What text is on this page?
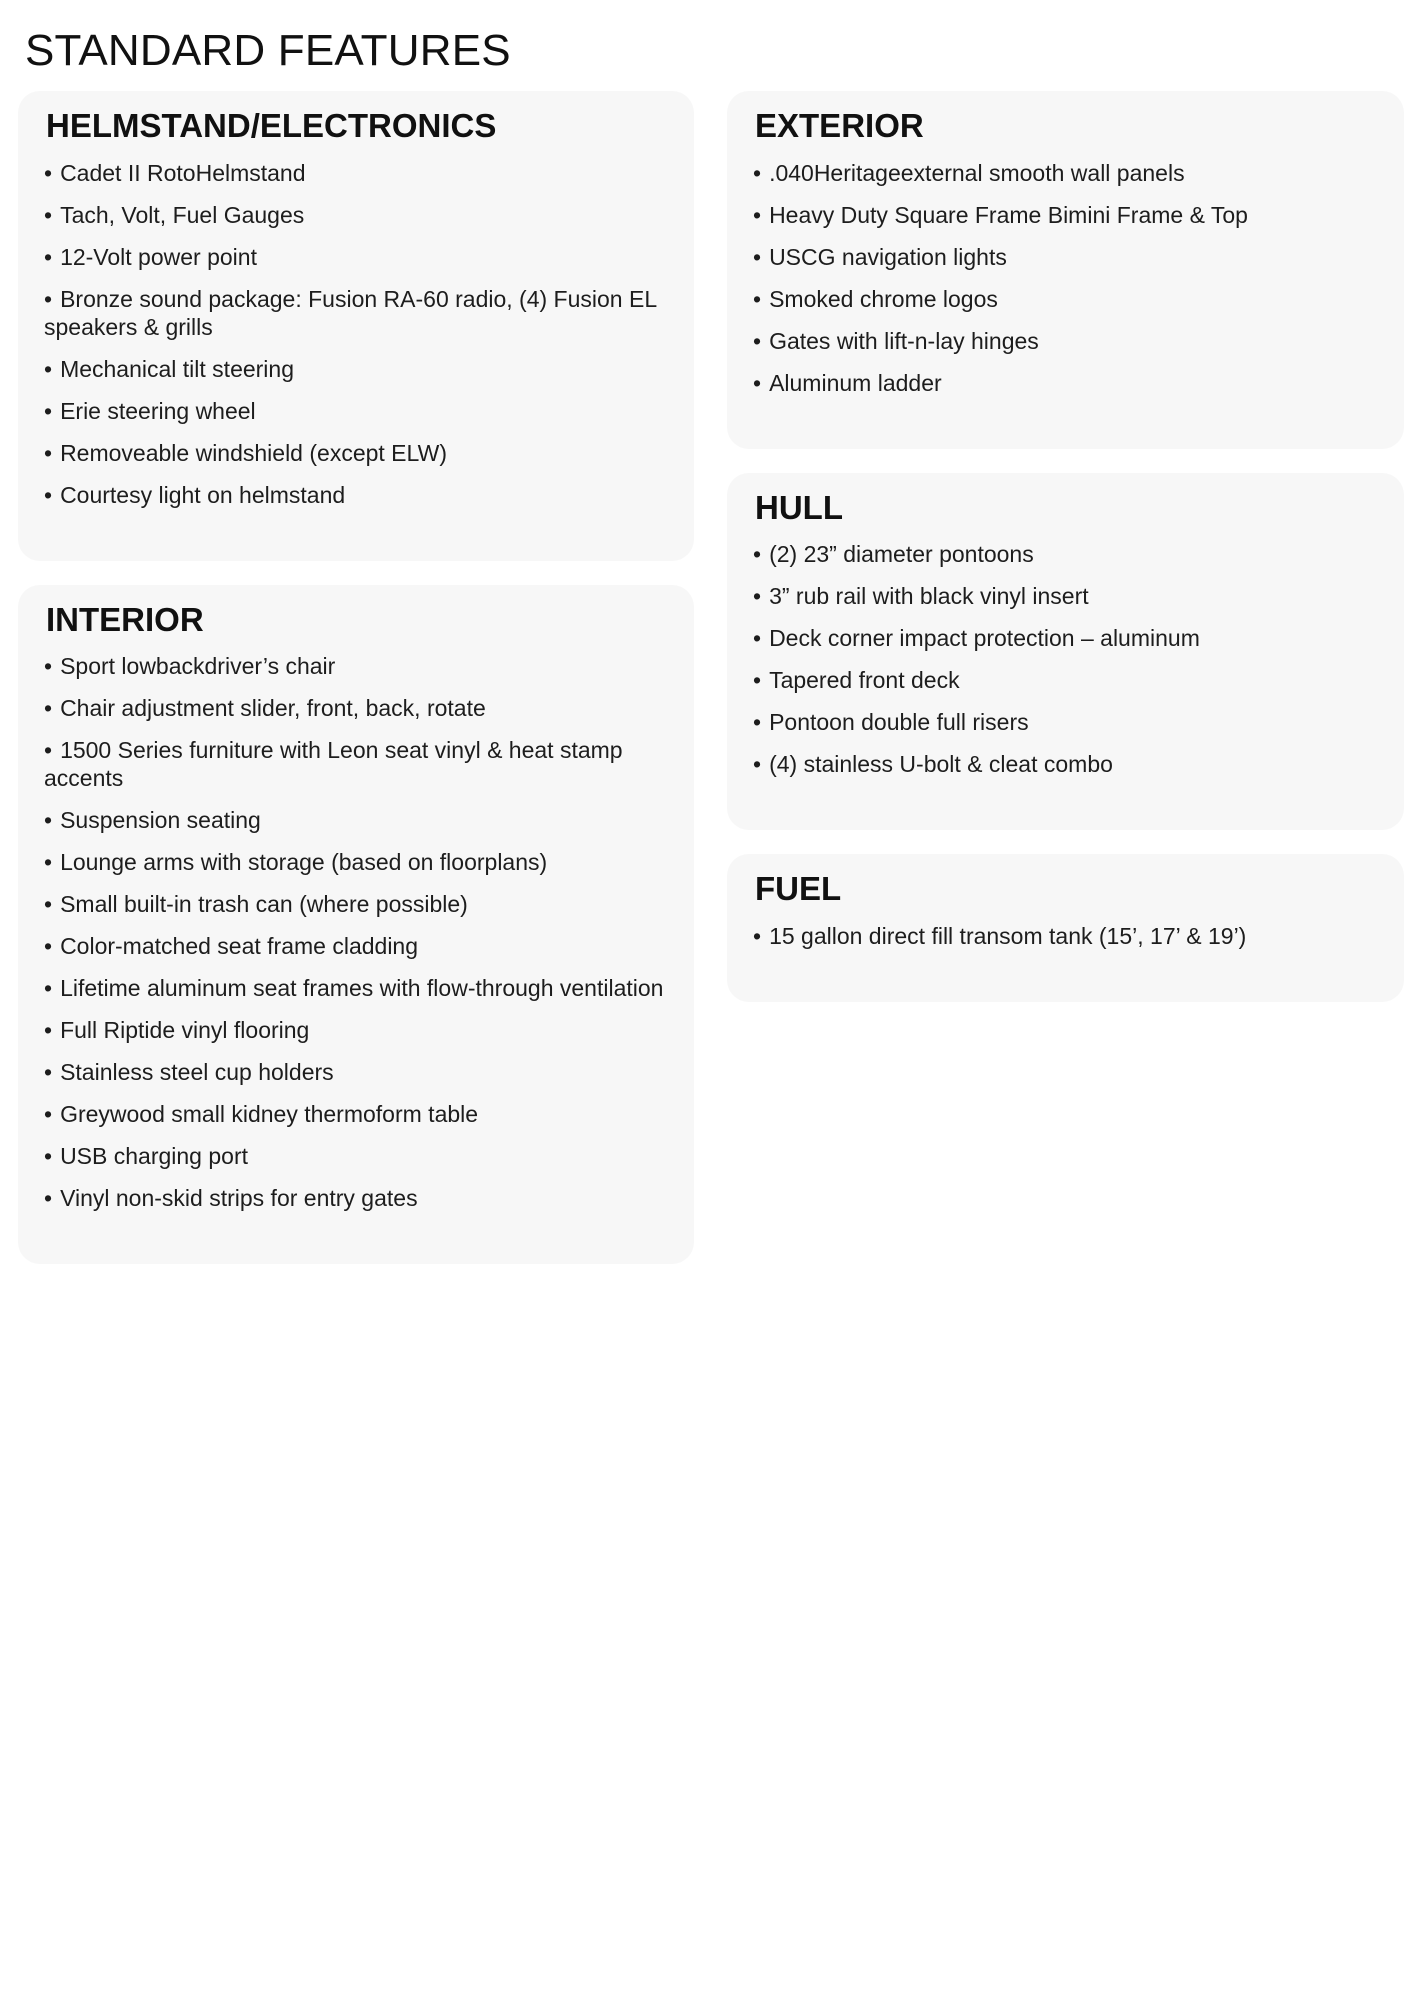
STANDARD FEATURES
HELMSTAND/ELECTRONICS
• Cadet II RotoHelmstand
• Tach, Volt, Fuel Gauges
• 12-Volt power point
• Bronze sound package: Fusion RA-60 radio, (4) Fusion EL speakers & grills
• Mechanical tilt steering
• Erie steering wheel
• Removeable windshield (except ELW)
• Courtesy light on helmstand
INTERIOR
• Sport lowbackdriver’s chair
• Chair adjustment slider, front, back, rotate
• 1500 Series furniture with Leon seat vinyl & heat stamp accents
• Suspension seating
• Lounge arms with storage (based on floorplans)
• Small built-in trash can (where possible)
• Color-matched seat frame cladding
• Lifetime aluminum seat frames with flow-through ventilation
• Full Riptide vinyl flooring
• Stainless steel cup holders
• Greywood small kidney thermoform table
• USB charging port
• Vinyl non-skid strips for entry gates
EXTERIOR
• .040Heritageexternal smooth wall panels
• Heavy Duty Square Frame Bimini Frame & Top
• USCG navigation lights
• Smoked chrome logos
• Gates with lift-n-lay hinges
• Aluminum ladder
HULL
• (2) 23” diameter pontoons
• 3” rub rail with black vinyl insert
• Deck corner impact protection – aluminum
• Tapered front deck
• Pontoon double full risers
• (4) stainless U-bolt & cleat combo
FUEL
• 15 gallon direct fill transom tank (15’, 17’ & 19’)
